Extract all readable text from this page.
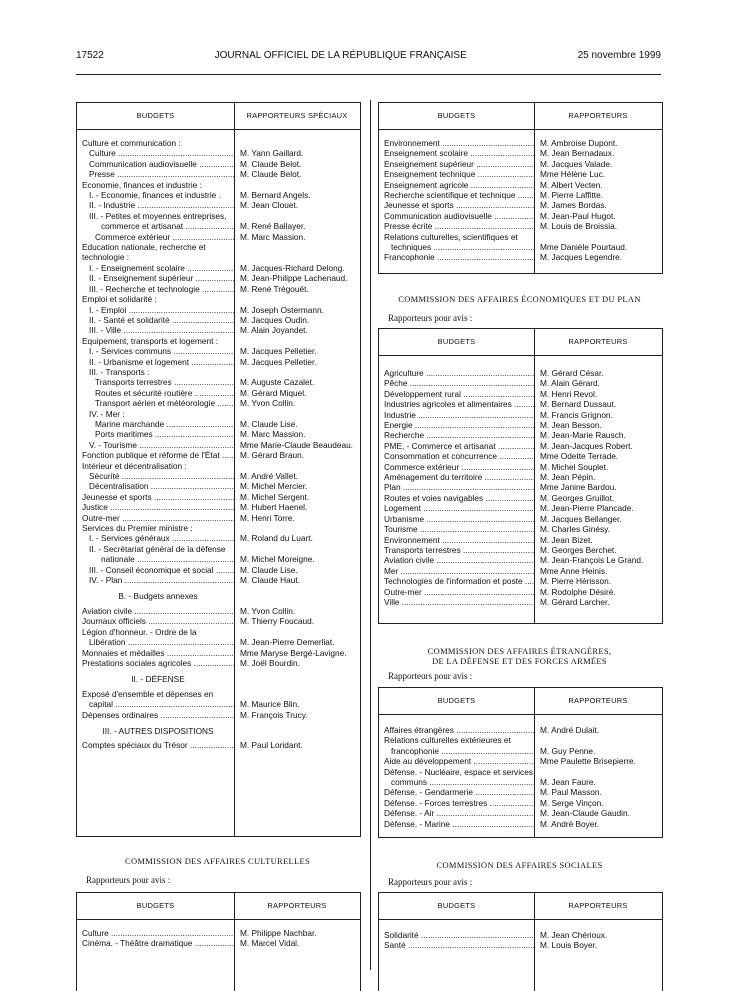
17522	JOURNAL OFFICIEL DE LA RÉPUBLIQUE FRANÇAISE	25 novembre 1999
BUDGETS	RAPPORTEURS SPÉCIAUX
Culture et communication :
Culture .....	M. Yann Gaillard.
Communication audiovisuelle .....	M. Claude Belot.
Presse .....	M. Claude Belot.
Economie, finances et industrie :
I. - Economie, finances et industrie .	M. Bernard Angels.
II. - Industrie .....	M. Jean Clouet.
III. - Petites et moyennes entreprises,
commerce et artisanat .....	M. René Ballayer.
Commerce extérieur .....	M. Marc Massion.
Education nationale, recherche et
technologie :
I. - Enseignement scolaire .....	M. Jacques-Richard Delong.
II. - Enseignement supérieur .....	M. Jean-Philippe Lachenaud.
III. - Recherche et technologie .....	M. René Trégouët.
Emploi et solidarité :
I. - Emploi .....	M. Joseph Ostermann.
II. - Santé et solidarité .....	M. Jacques Oudin.
III. - Ville .....	M. Alain Joyandet.
Equipement, transports et logement :
I. - Services communs .....	M. Jacques Pelletier.
II. - Urbanisme et logement .....	M. Jacques Pelletier.
III. - Transports :
Transports terrestres .....	M. Auguste Cazalet.
Routes et sécurité routière .....	M. Gérard Miquel.
Transport aérien et météorologie .....	M. Yvon Collin.
IV. - Mer :
Marine marchande .....	M. Claude Lise.
Ports maritimes .....	M. Marc Massion.
V. - Tourisme .....	Mme Marie-Claude Beaudeau.
Fonction publique et réforme de l'État .....	M. Gérard Braun.
Intérieur et décentralisation :
Sécurité .....	M. André Vallet.
Décentralisation .....	M. Michel Mercier.
Jeunesse et sports .....	M. Michel Sergent.
Justice .....	M. Hubert Haenel.
Outre-mer .....	M. Henri Torre.
Services du Premier ministre :
I. - Services généraux .....	M. Roland du Luart.
II. - Secrétariat général de la défense
nationale .....	M. Michel Moreigne.
III. - Conseil économique et social .....	M. Claude Lise.
IV. - Plan .....	M. Claude Haut.
B. - Budgets annexes
Aviation civile .....	M. Yvon Collin.
Journaux officiels .....	M. Thierry Foucaud.
Légion d'honneur. - Ordre de la
Libération .....	M. Jean-Pierre Demerliat.
Monnaies et médailles .....	Mme Maryse Bergé-Lavigne.
Prestations sociales agricoles .....	M. Joël Bourdin.
II. - DÉFENSE
Exposé d'ensemble et dépenses en
capital .....	M. Maurice Blin.
Dépenses ordinaires .....	M. François Trucy.
III. - AUTRES DISPOSITIONS
Comptes spéciaux du Trésor .....	M. Paul Loridant.
COMMISSION DES AFFAIRES CULTURELLES
Rapporteurs pour avis :
BUDGETS	RAPPORTEURS
Culture .....	M. Philippe Nachbar.
Cinéma. - Théâtre dramatique .....	M. Marcel Vidal.
BUDGETS	RAPPORTEURS
Environnement .....	M. Ambroise Dupont.
Enseignement scolaire .....	M. Jean Bernadaux.
Enseignement supérieur .....	M. Jacques Valade.
Enseignement technique .....	Mme Hélène Luc.
Enseignement agricole .....	M. Albert Vecten.
Recherche scientifique et technique .....	M. Pierre Laffitte.
Jeunesse et sports .....	M. James Bordas.
Communication audiovisuelle .....	M. Jean-Paul Hugot.
Presse écrite .....	M. Louis de Broissia.
Relations culturelles, scientifiques et
techniques .....	Mme Danièle Pourtaud.
Francophonie .....	M. Jacques Legendre.
COMMISSION DES AFFAIRES ÉCONOMIQUES ET DU PLAN
Rapporteurs pour avis :
BUDGETS	RAPPORTEURS
Agriculture .....	M. Gérard César.
Pêche .....	M. Alain Gérard.
Développement rural .....	M. Henri Revol.
Industries agricoles et alimentaires .....	M. Bernard Dussaut.
Industrie .....	M. Francis Grignon.
Energie .....	M. Jean Besson.
Recherche .....	M. Jean-Marie Rausch.
PME, - Commerce et artisanat .....	M. Jean-Jacques Robert.
Consommation et concurrence .....	Mme Odette Terrade.
Commerce extérieur .....	M. Michel Souplet.
Aménagement du territoire .....	M. Jean Pépin.
Plan .....	Mme Janine Bardou.
Routes et voies navigables .....	M. Georges Gruillot.
Logement .....	M. Jean-Pierre Plancade.
Urbanisme .....	M. Jacques Bellanger.
Tourisme .....	M. Charles Ginésy.
Environnement .....	M. Jean Bizet.
Transports terrestres .....	M. Georges Berchet.
Aviation civile .....	M. Jean-François Le Grand.
Mer .....	Mme Anne Heinis.
Technologies de l'information et poste .....	M. Pierre Hérisson.
Outre-mer .....	M. Rodolphe Désiré.
Ville .....	M. Gérard Larcher.
COMMISSION DES AFFAIRES ÉTRANGÈRES,
DE LA DÉFENSE ET DES FORCES ARMÉES
Rapporteurs pour avis :
BUDGETS	RAPPORTEURS
Affaires étrangères .....	M. André Dulait.
Relations culturelles extérieures et
francophonie .....	M. Guy Penne.
Aide au développement .....	Mme Paulette Brisepierre.
Défense. - Nucléaire, espace et services
communs .....	M. Jean Faure.
Défense. - Gendarmerie .....	M. Paul Masson.
Défense. - Forces terrestres .....	M. Serge Vinçon.
Défense. - Air .....	M. Jean-Claude Gaudin.
Défense. - Marine .....	M. André Boyer.
COMMISSION DES AFFAIRES SOCIALES
Rapporteurs pour avis :
BUDGETS	RAPPORTEURS
Solidarité .....	M. Jean Chérioux.
Santé .....	M. Louis Boyer.
